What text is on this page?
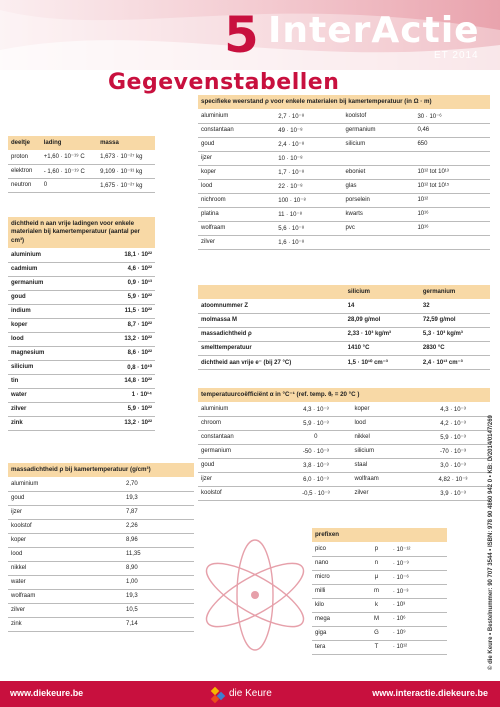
5 InterActie
ET 2014
Gegevenstabellen
deeltje	lading	massa
proton	+1,60 · 10⁻¹⁹ C	1,673 · 10⁻²⁷ kg
elektron	- 1,60 · 10⁻¹⁹ C	9,109 · 10⁻³¹ kg
neutron	0	1,675 · 10⁻²⁷ kg
dichtheid n aan vrije ladingen voor enkele materialen bij kamertemperatuur (aantal per cm³)
aluminium	18,1 · 10²²
cadmium	4,6 · 10²²
germanium	0,9 · 10¹³
goud	5,9 · 10²²
indium	11,5 · 10²²
koper	8,7 · 10²²
lood	13,2 · 10²²
magnesium	8,6 · 10²²
silicium	0,8 · 10¹⁰
tin	14,8 · 10²²
water	1 · 10¹⁴
zilver	5,9 · 10²²
zink	13,2 · 10²²
massadichtheid ρ bij kamertemperatuur (g/cm³)
aluminium	2,70
goud	19,3
ijzer	7,87
koolstof	2,26
koper	8,96
lood	11,35
nikkel	8,90
water	1,00
wolfraam	19,3
zilver	10,5
zink	7,14
specifieke weerstand ρ voor enkele materialen bij kamertemperatuur (in Ω · m)
aluminium	2,7 · 10⁻⁸	koolstof	30 · 10⁻⁶
constantaan	49 · 10⁻⁸	germanium	0,46
goud	2,4 · 10⁻⁸	silicium	650
ijzer	10 · 10⁻⁸		
koper	1,7 · 10⁻⁸	eboniet	10¹² tot 10¹³
lood	22 · 10⁻⁸	glas	10¹² tot 10¹⁵
nichroom	100 · 10⁻⁸	porselein	10¹²
platina	11 · 10⁻⁸	kwarts	10¹⁶
wolfraam	5,6 · 10⁻⁸	pvc	10¹⁶
zilver	1,6 · 10⁻⁸		
	silicium	germanium
atoomnummer Z	14	32
molmassa M	28,09 g/mol	72,59 g/mol
massadichtheid ρ	2,33 · 10³ kg/m³	5,3 · 10³ kg/m³
smelttemperatuur	1410 °C	2830 °C
dichtheid aan vrije e⁻ (bij 27 °C)	1,5 · 10¹⁰ cm⁻³	2,4 · 10¹³ cm⁻³
temperatuurcoëfficiënt α in °C⁻¹ (ref. temp. θᵣ = 20 °C )
aluminium	4,3 · 10⁻³	koper	4,3 · 10⁻³
chroom	5,9 · 10⁻³	lood	4,2 · 10⁻³
constantaan	0	nikkel	5,9 · 10⁻³
germanium	-50 · 10⁻³	silicium	-70 · 10⁻³
goud	3,8 · 10⁻³	staal	3,0 · 10⁻³
ijzer	6,0 · 10⁻³	wolfraam	4,82 · 10⁻³
koolstof	-0,5 · 10⁻³	zilver	3,9 · 10⁻³
prefixen
pico	p	· 10⁻¹²
nano	n	· 10⁻⁹
micro	μ	· 10⁻⁶
milli	m	· 10⁻³
kilo	k	· 10³
mega	M	· 10⁶
giga	G	· 10⁹
tera	T	· 10¹²	© die Keure • Bestelnummer: 90 707 3544 • ISBN: 978 90 4860 942 0 • KB: D/2014/0147/269
www.diekeure.be	die Keure	www.interactie.diekeure.be
